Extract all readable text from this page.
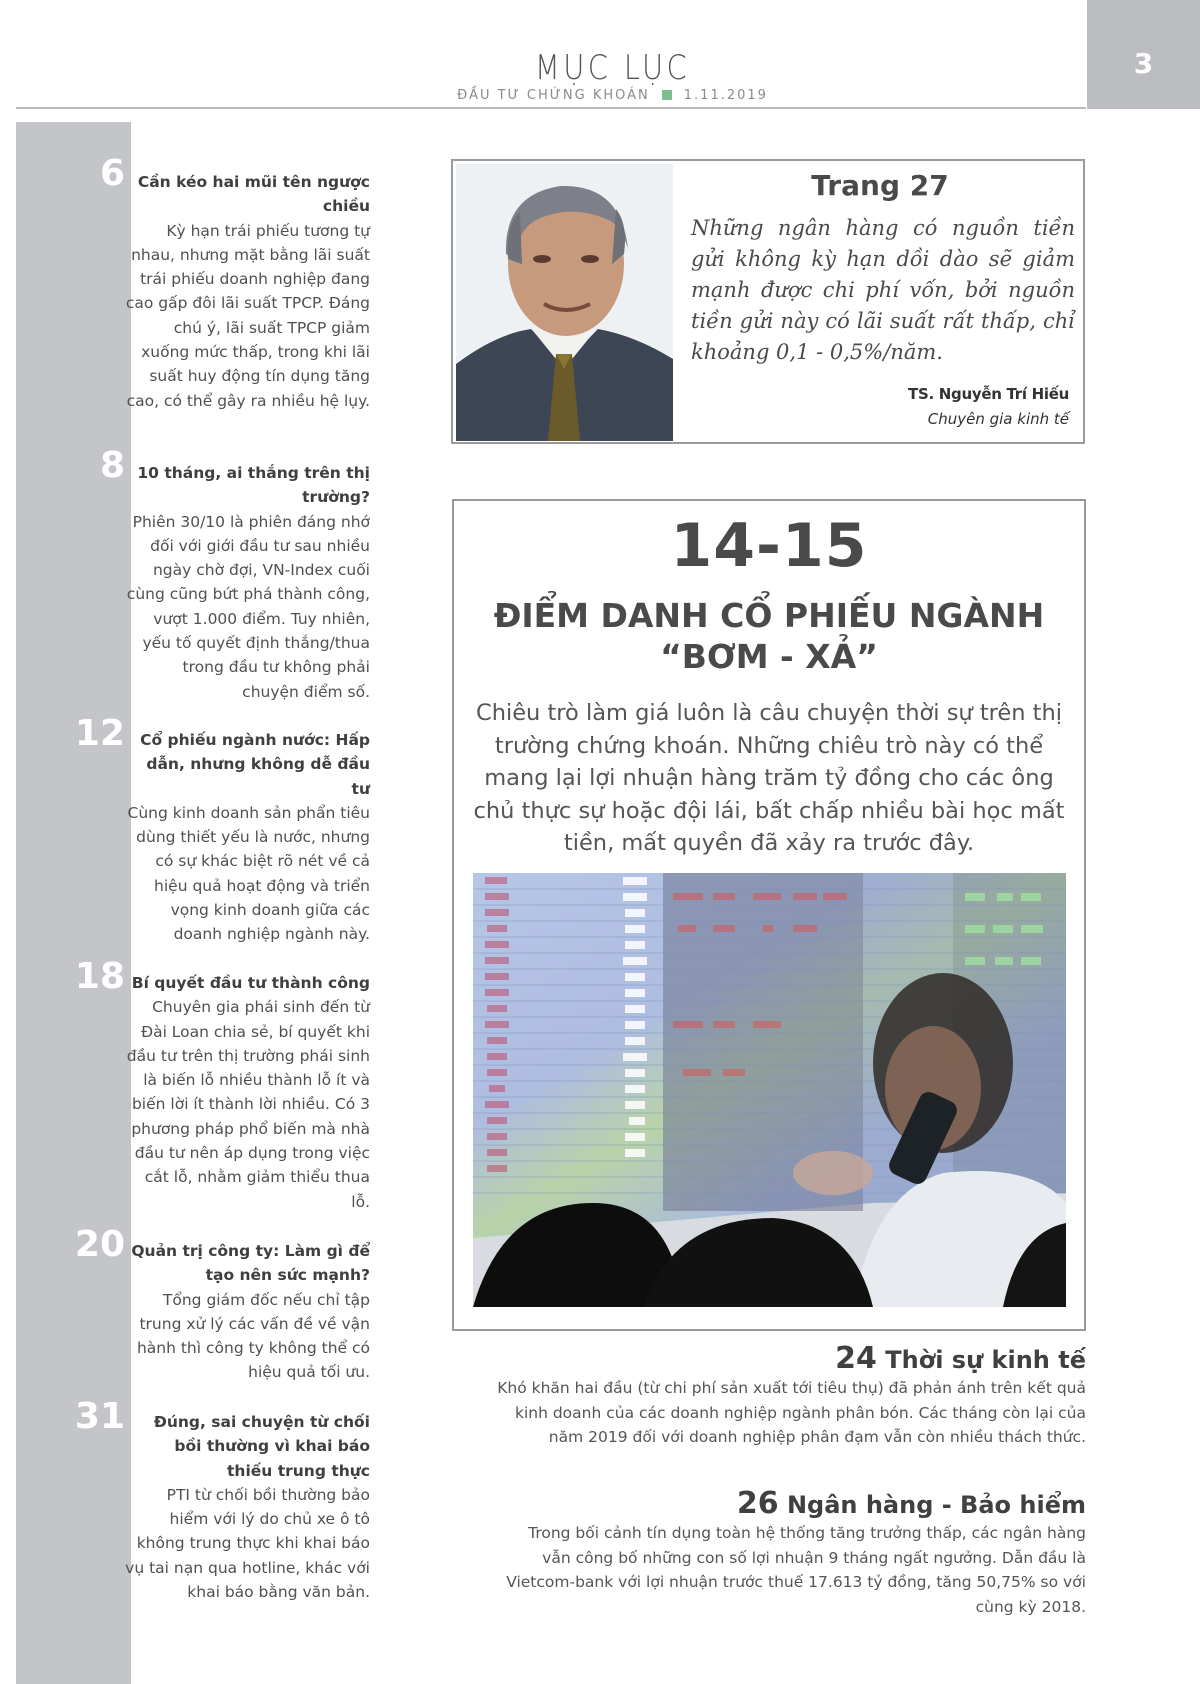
MỤC LỤC
ĐẦU TƯ CHỨNG KHOÁN	1.11.2019
3
6 Cần kéo hai mũi tên ngược chiều
Kỳ hạn trái phiếu tương tự nhau, nhưng mặt bằng lãi suất trái phiếu doanh nghiệp đang cao gấp đôi lãi suất TPCP. Đáng chú ý, lãi suất TPCP giảm xuống mức thấp, trong khi lãi suất huy động tín dụng tăng cao, có thể gây ra nhiều hệ lụy.
8 10 tháng, ai thắng trên thị trường?
Phiên 30/10 là phiên đáng nhớ đối với giới đầu tư sau nhiều ngày chờ đợi, VN-Index cuối cùng cũng bứt phá thành công, vượt 1.000 điểm. Tuy nhiên, yếu tố quyết định thắng/thua trong đầu tư không phải chuyện điểm số.
12 Cổ phiếu ngành nước: Hấp dẫn, nhưng không dễ đầu tư
Cùng kinh doanh sản phẩn tiêu dùng thiết yếu là nước, nhưng có sự khác biệt rõ nét về cả hiệu quả hoạt động và triển vọng kinh doanh giữa các doanh nghiệp ngành này.
18 Bí quyết đầu tư thành công
Chuyên gia phái sinh đến từ Đài Loan chia sẻ, bí quyết khi đầu tư trên thị trường phái sinh là biến lỗ nhiều thành lỗ ít và biến lời ít thành lời nhiều. Có 3 phương pháp phổ biến mà nhà đầu tư nên áp dụng trong việc cắt lỗ, nhằm giảm thiểu thua lỗ.
20 Quản trị công ty: Làm gì để tạo nên sức mạnh?
Tổng giám đốc nếu chỉ tập trung xử lý các vấn đề về vận hành thì công ty không thể có hiệu quả tối ưu.
31	Đúng, sai chuyện từ chối bồi thường vì khai báo thiếu trung thực
PTI từ chối bồi thường bảo hiểm với lý do chủ xe ô tô không trung thực khi khai báo vụ tai nạn qua hotline, khác với khai báo bằng văn bản.
Trang 27
Những ngân hàng có nguồn tiền gửi không kỳ hạn dồi dào sẽ giảm mạnh được chi phí vốn, bởi nguồn tiền gửi này có lãi suất rất thấp, chỉ khoảng 0,1 - 0,5%/năm.
TS. Nguyễn Trí Hiếu
Chuyên gia kinh tế
14-15
ĐIỂM DANH CỔ PHIẾU NGÀNH
“BƠM - XẢ”
Chiêu trò làm giá luôn là câu chuyện thời sự trên thị trường chứng khoán. Những chiêu trò này có thể mang lại lợi nhuận hàng trăm tỷ đồng cho các ông chủ thực sự hoặc đội lái, bất chấp nhiều bài học mất tiền, mất quyền đã xảy ra trước đây.
24 Thời sự kinh tế
Khó khăn hai đầu (từ chi phí sản xuất tới tiêu thụ) đã phản ánh trên kết quả kinh doanh của các doanh nghiệp ngành phân bón. Các tháng còn lại của năm 2019 đối với doanh nghiệp phân đạm vẫn còn nhiều thách thức.
26 Ngân hàng - Bảo hiểm
Trong bối cảnh tín dụng toàn hệ thống tăng trưởng thấp, các ngân hàng vẫn công bố những con số lợi nhuận 9 tháng ngất ngưởng. Dẫn đầu là Vietcom-bank với lợi nhuận trước thuế 17.613 tỷ đồng, tăng 50,75% so với cùng kỳ 2018.
